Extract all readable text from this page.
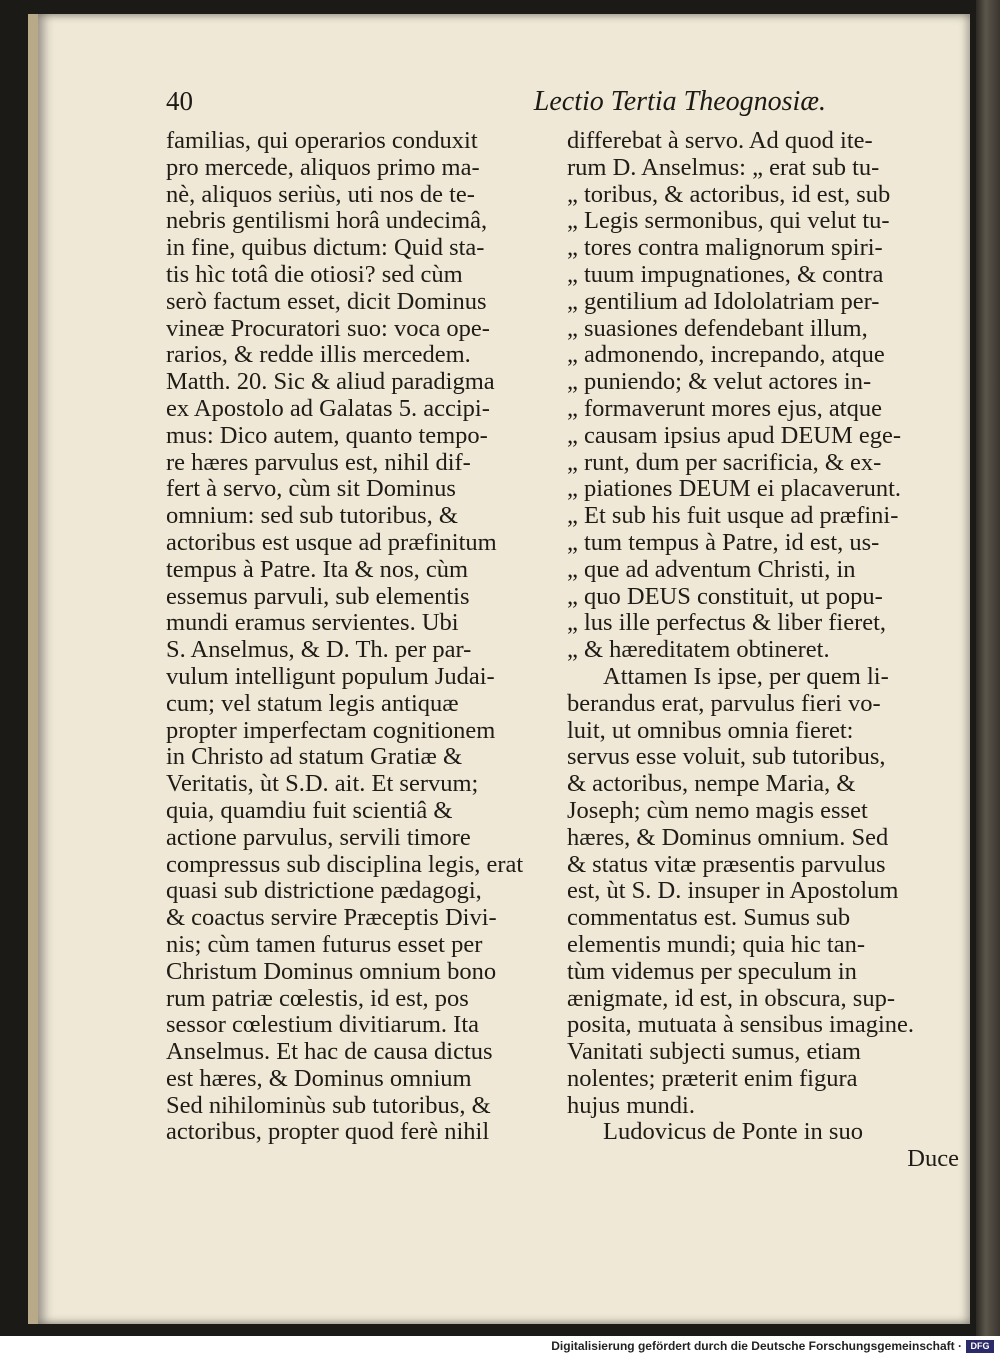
40	Lectio Tertia Theognosiæ.
familias, qui operarios conduxit
pro mercede, aliquos primo ma-
nè, aliquos seriùs, uti nos de te-
nebris gentilismi horâ undecimâ,
in fine, quibus dictum: Quid sta-
tis hìc totâ die otiosi? sed cùm
serò factum esset, dicit Dominus
vineæ Procuratori suo: voca ope-
rarios, & redde illis mercedem.
Matth. 20. Sic & aliud paradigma
ex Apostolo ad Galatas 5. accipi-
mus: Dico autem, quanto tempo-
re hæres parvulus est, nihil dif-
fert à servo, cùm sit Dominus
omnium: sed sub tutoribus, &
actoribus est usque ad præfinitum
tempus à Patre. Ita & nos, cùm
essemus parvuli, sub elementis
mundi eramus servientes. Ubi
S. Anselmus, & D. Th. per par-
vulum intelligunt populum Judai-
cum; vel statum legis antiquæ
propter imperfectam cognitionem
in Christo ad statum Gratiæ &
Veritatis, ùt S.D. ait. Et servum;
quia, quamdiu fuit scientiâ &
actione parvulus, servili timore
compressus sub disciplina legis, erat
quasi sub districtione pædagogi,
& coactus servire Præceptis Divi-
nis; cùm tamen futurus esset per
Christum Dominus omnium bono
rum patriæ cœlestis, id est, pos
sessor cœlestium divitiarum. Ita
Anselmus. Et hac de causa dictus
est hæres, & Dominus omnium
Sed nihilominùs sub tutoribus, &
actoribus, propter quod ferè nihil
differebat à servo. Ad quod ite-
rum D. Anselmus: „ erat sub tu-
„ toribus, & actoribus, id est, sub
„ Legis sermonibus, qui velut tu-
„ tores contra malignorum spiri-
„ tuum impugnationes, & contra
„ gentilium ad Idololatriam per-
„ suasiones defendebant illum,
„ admonendo, increpando, atque
„ puniendo; & velut actores in-
„ formaverunt mores ejus, atque
„ causam ipsius apud DEUM ege-
„ runt, dum per sacrificia, & ex-
„ piationes DEUM ei placaverunt.
„ Et sub his fuit usque ad præfini-
„ tum tempus à Patre, id est, us-
„ que ad adventum Christi, in
„ quo DEUS constituit, ut popu-
„ lus ille perfectus & liber fieret,
„ & hæreditatem obtineret.
Attamen Is ipse, per quem li-
berandus erat, parvulus fieri vo-
luit, ut omnibus omnia fieret:
servus esse voluit, sub tutoribus,
& actoribus, nempe Maria, &
Joseph; cùm nemo magis esset
hæres, & Dominus omnium. Sed
& status vitæ præsentis parvulus
est, ùt S. D. insuper in Apostolum
commentatus est. Sumus sub
elementis mundi; quia hic tan-
tùm videmus per speculum in
ænigmate, id est, in obscura, sup-
posita, mutuata à sensibus imagine.
Vanitati subjecti sumus, etiam
nolentes; præterit enim figura
hujus mundi.
Ludovicus de Ponte in suo
Duce
Digitalisierung gefördert durch die Deutsche Forschungsgemeinschaft · DFG
